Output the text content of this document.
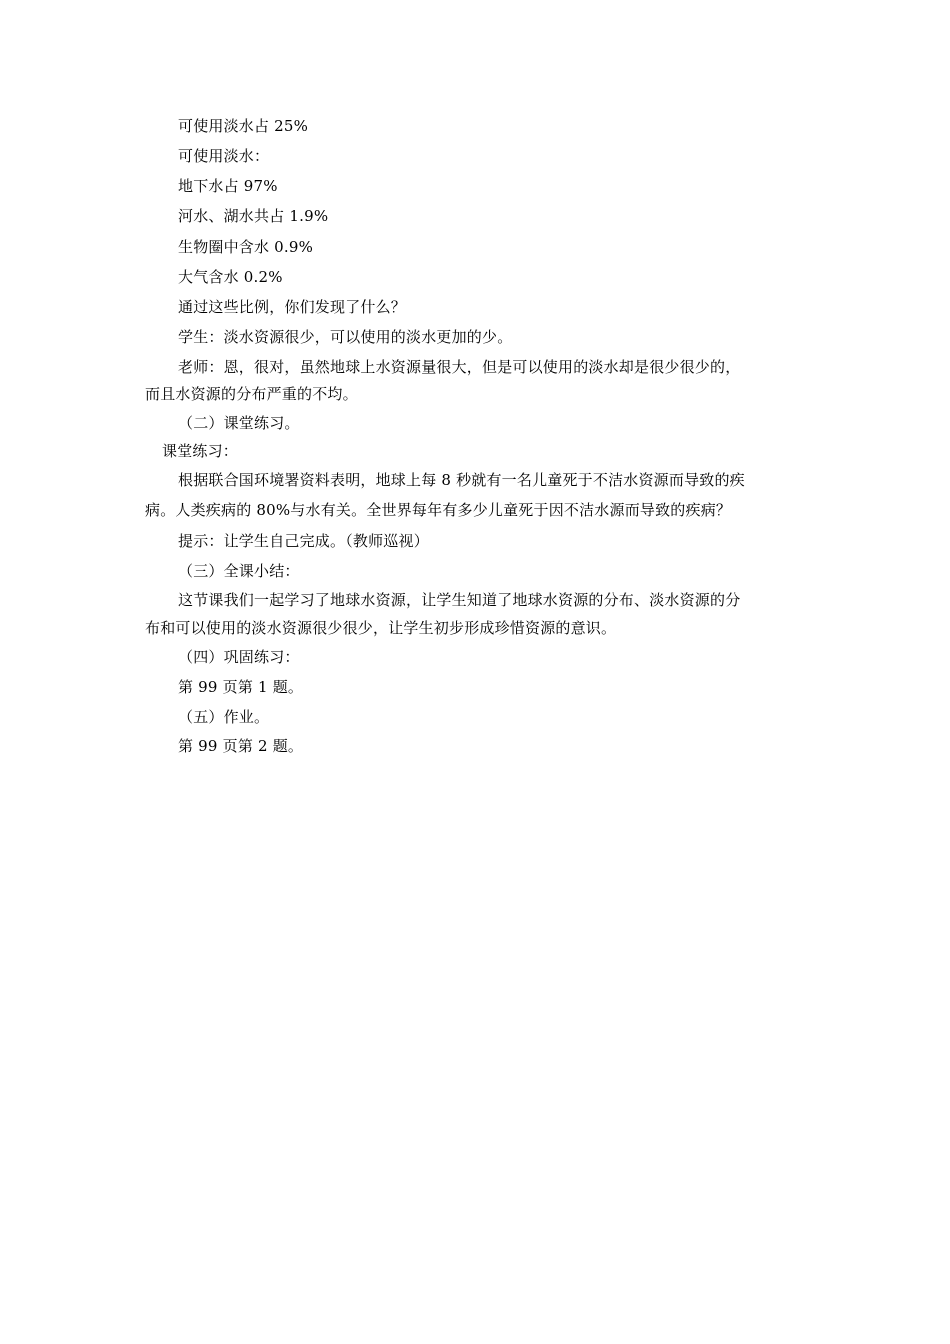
可使用淡水占 25%
可使用淡水：
地下水占 97%
河水、湖水共占 1.9%
生物圈中含水 0.9%
大气含水 0.2%
通过这些比例，你们发现了什么？
学生：淡水资源很少，可以使用的淡水更加的少。
老师：恩，很对，虽然地球上水资源量很大，但是可以使用的淡水却是很少很少的，
而且水资源的分布严重的不均。
（二）课堂练习。
课堂练习：
根据联合国环境署资料表明，地球上每 8 秒就有一名儿童死于不洁水资源而导致的疾
病。人类疾病的 80%与水有关。全世界每年有多少儿童死于因不洁水源而导致的疾病？
提示：让学生自己完成。（教师巡视）
（三）全课小结：
这节课我们一起学习了地球水资源，让学生知道了地球水资源的分布、淡水资源的分
布和可以使用的淡水资源很少很少，让学生初步形成珍惜资源的意识。
（四）巩固练习：
第 99 页第 1 题。
（五）作业。
第 99 页第 2 题。
